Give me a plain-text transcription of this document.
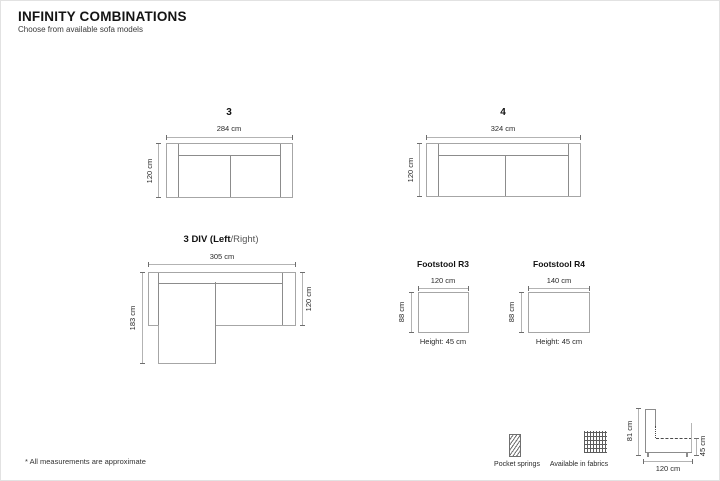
INFINITY COMBINATIONS
Choose from available sofa models
3
284 cm
120 cm
4
324 cm
120 cm
3 DIV (Left/Right)
305 cm
183 cm
120 cm
Footstool R3
120 cm
88 cm
Height: 45 cm
Footstool R4
140 cm
88 cm
Height: 45 cm
Pocket springs	Available in fabrics
81 cm
45 cm
120 cm
* All measurements are approximate
